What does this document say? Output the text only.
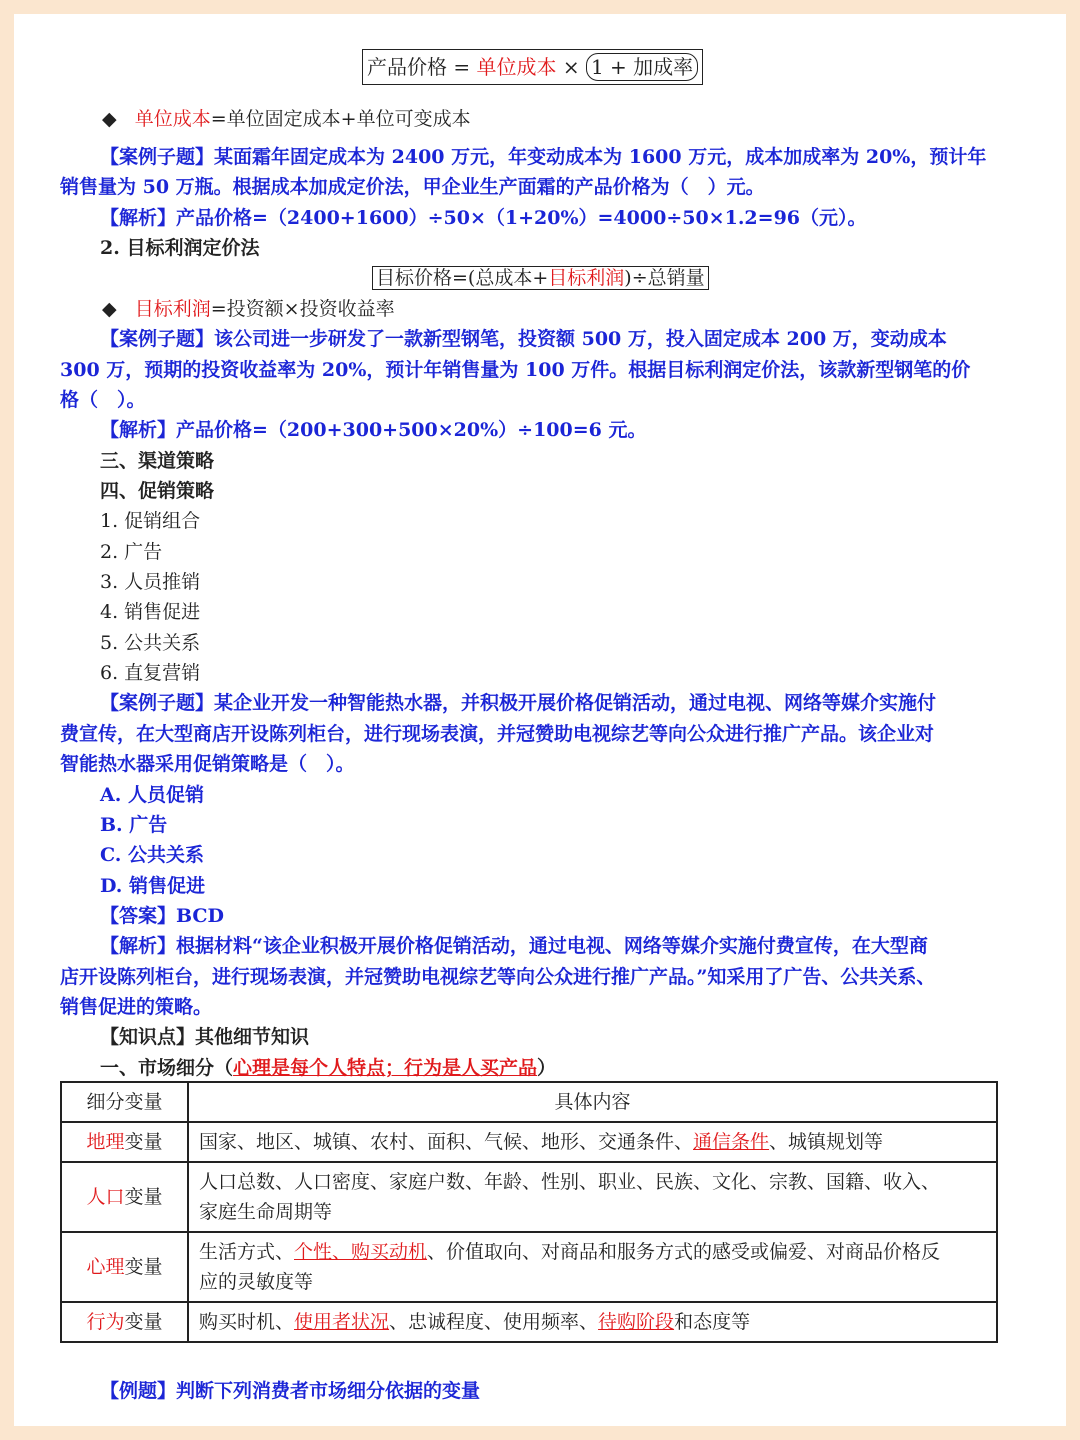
产品价格 = 单位成本 × 1 + 加成率
◆ 单位成本=单位固定成本+单位可变成本
【案例子题】某面霜年固定成本为 2400 万元，年变动成本为 1600 万元，成本加成率为 20%，预计年
销售量为 50 万瓶。根据成本加成定价法，甲企业生产面霜的产品价格为（　）元。
【解析】产品价格=（2400+1600）÷50×（1+20%）=4000÷50×1.2=96（元）。
2. 目标利润定价法
目标价格=(总成本+目标利润)÷总销量
◆ 目标利润=投资额×投资收益率
【案例子题】该公司进一步研发了一款新型钢笔，投资额 500 万，投入固定成本 200 万，变动成本
300 万，预期的投资收益率为 20%，预计年销售量为 100 万件。根据目标利润定价法，该款新型钢笔的价
格（　）。
【解析】产品价格=（200+300+500×20%）÷100=6 元。
三、渠道策略
四、促销策略
1. 促销组合
2. 广告
3. 人员推销
4. 销售促进
5. 公共关系
6. 直复营销
【案例子题】某企业开发一种智能热水器，并积极开展价格促销活动，通过电视、网络等媒介实施付
费宣传，在大型商店开设陈列柜台，进行现场表演，并冠赞助电视综艺等向公众进行推广产品。该企业对
智能热水器采用促销策略是（　）。
A. 人员促销
B. 广告
C. 公共关系
D. 销售促进
【答案】BCD
【解析】根据材料“该企业积极开展价格促销活动，通过电视、网络等媒介实施付费宣传，在大型商
店开设陈列柜台，进行现场表演，并冠赞助电视综艺等向公众进行推广产品。”知采用了广告、公共关系、
销售促进的策略。
【知识点】其他细节知识
一、市场细分（心理是每个人特点；行为是人买产品）
细分变量	具体内容
地理变量	国家、地区、城镇、农村、面积、气候、地形、交通条件、通信条件、城镇规划等
人口变量	人口总数、人口密度、家庭户数、年龄、性别、职业、民族、文化、宗教、国籍、收入、
家庭生命周期等
心理变量	生活方式、个性、购买动机、价值取向、对商品和服务方式的感受或偏爱、对商品价格反
应的灵敏度等
行为变量	购买时机、使用者状况、忠诚程度、使用频率、待购阶段和态度等
【例题】判断下列消费者市场细分依据的变量
